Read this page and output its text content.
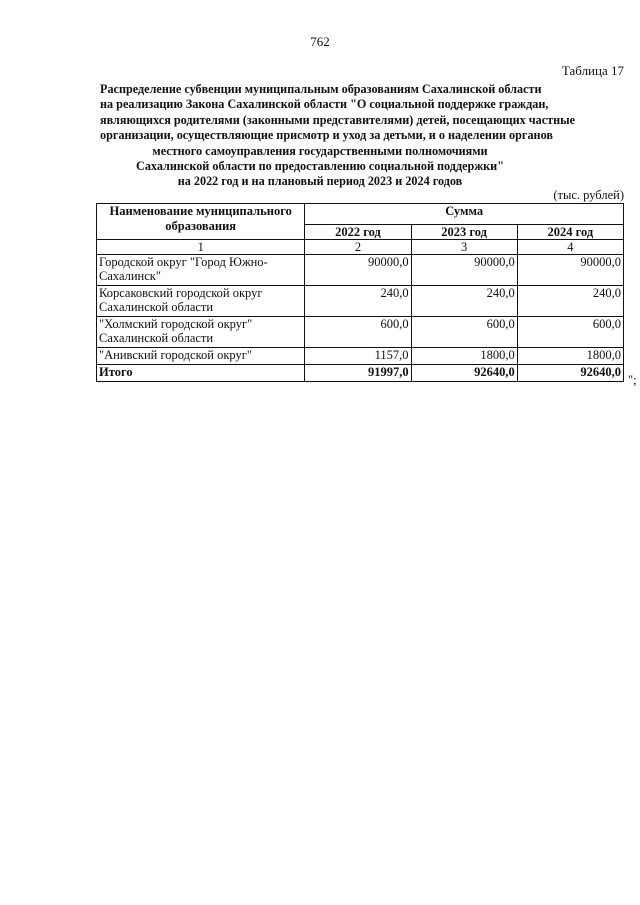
762
Таблица 17
Распределение субвенции муниципальным образованиям Сахалинской области
на реализацию Закона Сахалинской области "О социальной поддержке граждан,
являющихся родителями (законными представителями) детей, посещающих частные
организации, осуществляющие присмотр и уход за детьми, и о наделении органов
местного самоуправления государственными полномочиями
Сахалинской области по предоставлению социальной поддержки"
на 2022 год и на плановый период 2023 и 2024 годов
(тыс. рублей)
Наименование муниципального образования	Сумма		
	2022 год	2023 год	2024 год
1	2	3	4
Городской округ "Город Южно-Сахалинск"	90000,0	90000,0	90000,0
Корсаковский городской округ Сахалинской области	240,0	240,0	240,0
"Холмский городской округ" Сахалинской области	600,0	600,0	600,0
"Анивский городской округ"	1157,0	1800,0	1800,0
Итого	91997,0	92640,0	92640,0
";
